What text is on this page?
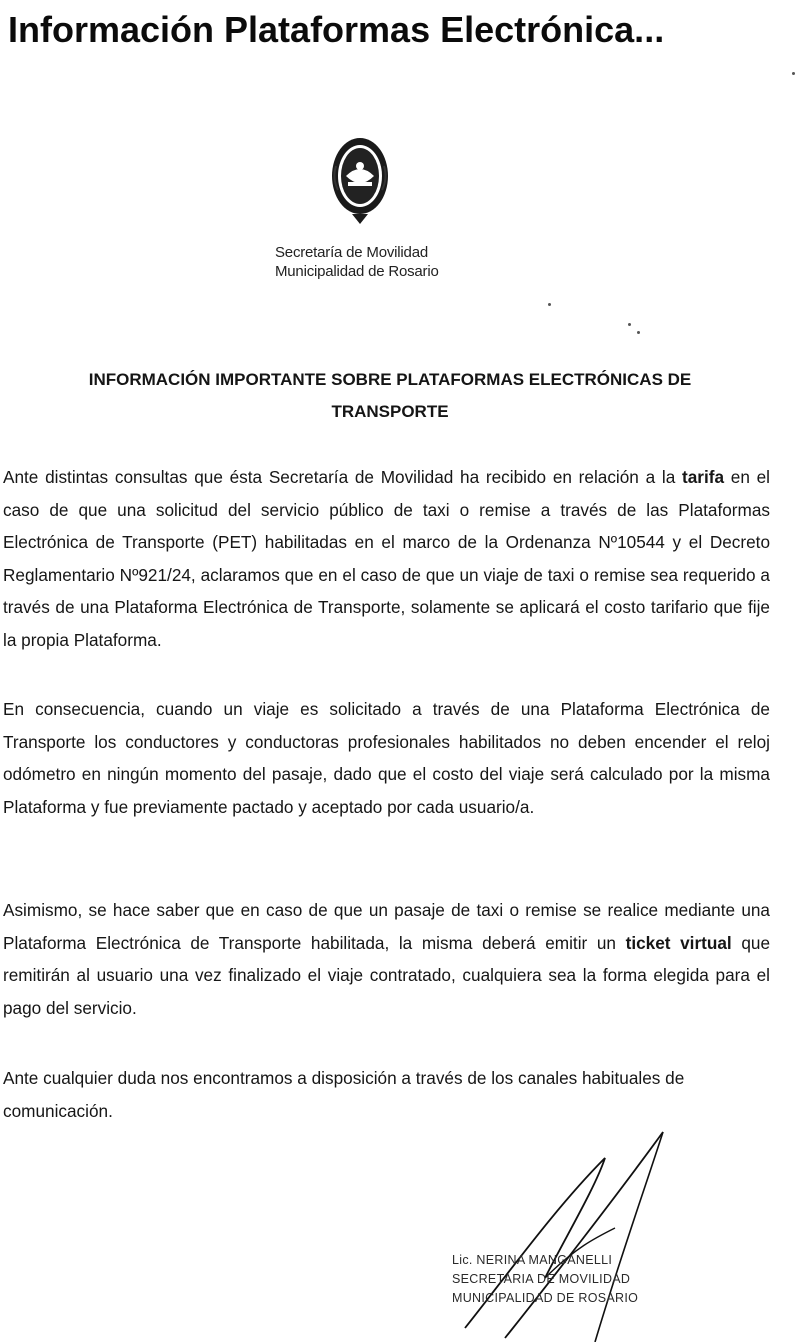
Información Plataformas Electrónica...
Secretaría de Movilidad
Municipalidad de Rosario
INFORMACIÓN IMPORTANTE SOBRE PLATAFORMAS ELECTRÓNICAS DE
TRANSPORTE

Ante distintas consultas que ésta Secretaría de Movilidad ha recibido en relación a la tarifa en el caso de que una solicitud del servicio público de taxi o remise a través de las Plataformas Electrónica de Transporte (PET) habilitadas en el marco de la Ordenanza Nº10544 y el Decreto Reglamentario Nº921/24, aclaramos que en el caso de que un viaje de taxi o remise sea requerido a través de una Plataforma Electrónica de Transporte, solamente se aplicará el costo tarifario que fije la propia Plataforma.

En consecuencia, cuando un viaje es solicitado a través de una Plataforma Electrónica de Transporte los conductores y conductoras profesionales habilitados no deben encender el reloj odómetro en ningún momento del pasaje, dado que el costo del viaje será calculado por la misma Plataforma y fue previamente pactado y aceptado por cada usuario/a.

Asimismo, se hace saber que en caso de que un pasaje de taxi o remise se realice mediante una Plataforma Electrónica de Transporte habilitada, la misma deberá emitir un ticket virtual que remitirán al usuario una vez finalizado el viaje contratado, cualquiera sea la forma elegida para el pago del servicio.

Ante cualquier duda nos encontramos a disposición a través de los canales habituales de comunicación.

Lic. NERINA MANGANELLI
SECRETARIA DE MOVILIDAD
MUNICIPALIDAD DE ROSARIO
